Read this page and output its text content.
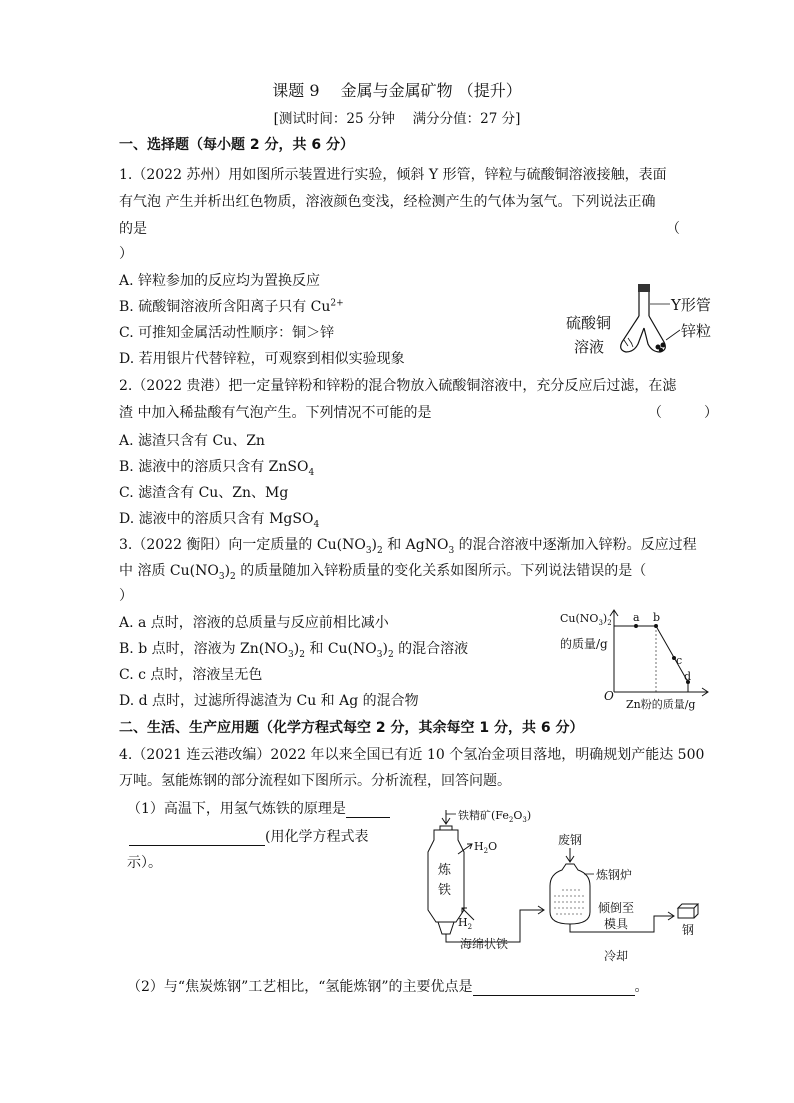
课题 9　 金属与金属矿物 （提升）
[测试时间：25 分钟　 满分分值：27 分]
一、选择题（每小题 2 分，共 6 分）
1.（2022 苏州）用如图所示装置进行实验，倾斜 Y 形管，锌粒与硫酸铜溶液接触，表面
有气泡 产生并析出红色物质，溶液颜色变浅，经检测产生的气体为氢气。下列说法正确
的是	（
）
A. 锌粒参加的反应均为置换反应
B. 硫酸铜溶液所含阳离子只有 $Cu^{2+}$
C. 可推知金属活动性顺序：铜＞锌
D. 若用银片代替锌粒，可观察到相似实验现象
Y形管
锌粒
硫酸铜
溶液
2.（2022 贵港）把一定量锌粉和锌粉的混合物放入硫酸铜溶液中，充分反应后过滤，在滤
渣 中加入稀盐酸有气泡产生。下列情况不可能的是	（　　　）
A. 滤渣只含有 Cu、Zn
B. 滤液中的溶质只含有 ZnSO$_4$
C. 滤渣含有 Cu、Zn、Mg
D. 滤液中的溶质只含有 MgSO$_4$
3.（2022 衡阳）向一定质量的 $Cu(NO_3)_2$ 和 AgNO$_3$ 的混合溶液中逐渐加入锌粉。反应过程
中 溶质 $Cu(NO_3)_2$ 的质量随加入锌粉质量的变化关系如图所示。下列说法错误的是（
）
A. a 点时，溶液的总质量与反应前相比减小
B. b 点时，溶液为 $Zn(NO_3)_2$ 和 $Cu(NO_3)_2$ 的混合溶液
C. c 点时，溶液呈无色
D. d 点时，过滤所得滤渣为 Cu 和 Ag 的混合物
a b
c
d
$Cu(NO_3)_2$
的质量/g
O
Zn粉的质量/g
二、生活、生产应用题（化学方程式每空 2 分，其余每空 1 分，共 6 分）
4.（2021 连云港改编）2022 年以来全国已有近 10 个氢冶金项目落地，明确规划产能达 500
万吨。氢能炼钢的部分流程如下图所示。分析流程，回答问题。
（1）高温下，用氢气炼铁的原理是
(用化学方程式表
示）。
铁精矿$(Fe_2O_3)$
炼
铁
$H_2O$
$H_2$
海绵状铁
废钢
炼钢炉
倾倒至
模具
冷却
钢
（2）与“焦炭炼钢”工艺相比，“氢能炼钢”的主要优点是	。
